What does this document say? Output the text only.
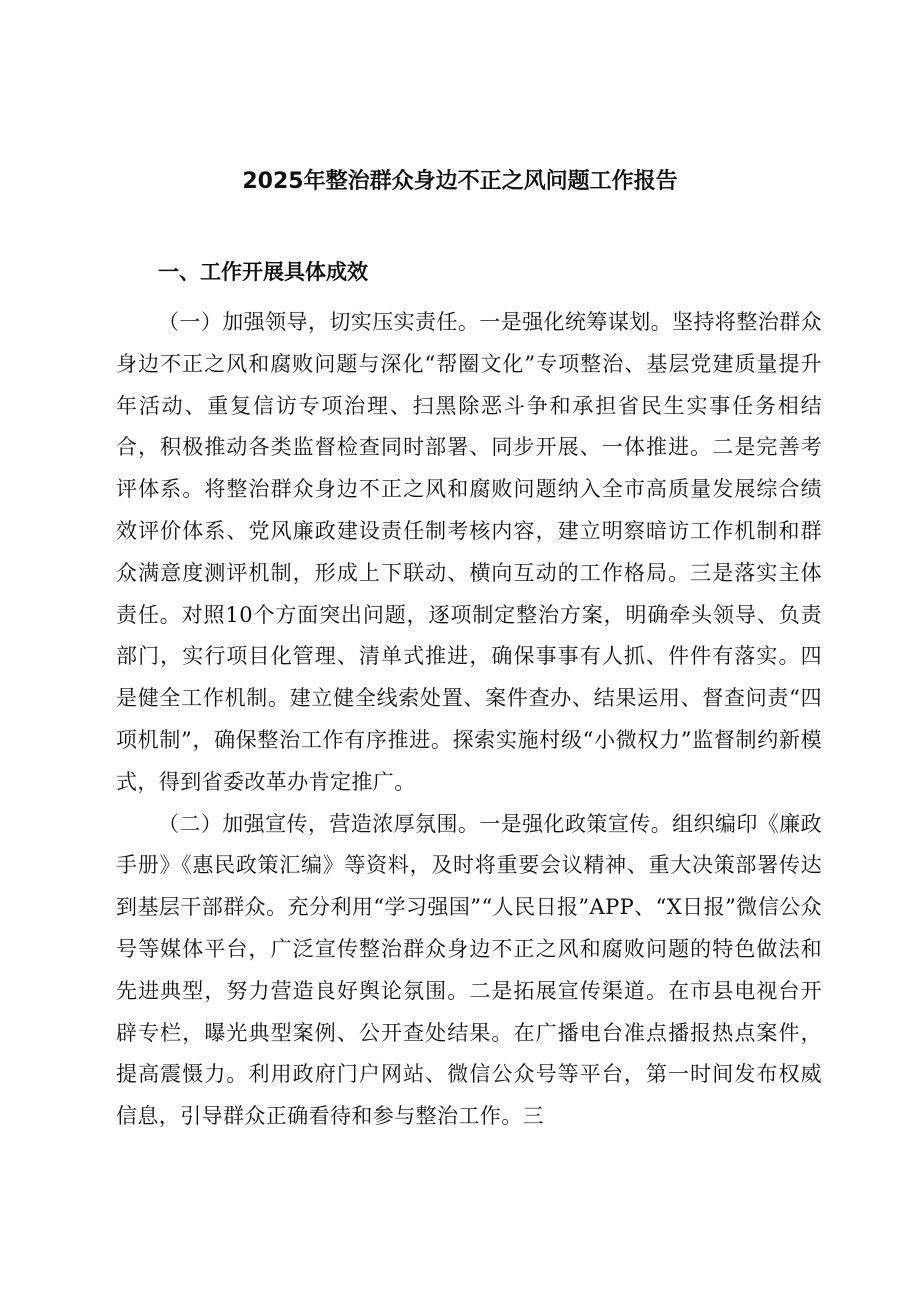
2025年整治群众身边不正之风问题工作报告
一、工作开展具体成效

（一）加强领导，切实压实责任。一是强化统筹谋划。坚持将整治群众身边不正之风和腐败问题与深化“帮圈文化”专项整治、基层党建质量提升年活动、重复信访专项治理、扫黑除恶斗争和承担省民生实事任务相结合，积极推动各类监督检查同时部署、同步开展、一体推进。二是完善考评体系。将整治群众身边不正之风和腐败问题纳入全市高质量发展综合绩效评价体系、党风廉政建设责任制考核内容，建立明察暗访工作机制和群众满意度测评机制，形成上下联动、横向互动的工作格局。三是落实主体责任。对照10个方面突出问题，逐项制定整治方案，明确牵头领导、负责部门，实行项目化管理、清单式推进，确保事事有人抓、件件有落实。四是健全工作机制。建立健全线索处置、案件查办、结果运用、督查问责“四项机制”，确保整治工作有序推进。探索实施村级“小微权力”监督制约新模式，得到省委改革办肯定推广。

（二）加强宣传，营造浓厚氛围。一是强化政策宣传。组织编印《廉政手册》《惠民政策汇编》等资料，及时将重要会议精神、重大决策部署传达到基层干部群众。充分利用“学习强国”“人民日报”APP、“X日报”微信公众号等媒体平台，广泛宣传整治群众身边不正之风和腐败问题的特色做法和先进典型，努力营造良好舆论氛围。二是拓展宣传渠道。在市县电视台开辟专栏，曝光典型案例、公开查处结果。在广播电台准点播报热点案件，提高震慑力。利用政府门户网站、微信公众号等平台，第一时间发布权威信息，引导群众正确看待和参与整治工作。三
